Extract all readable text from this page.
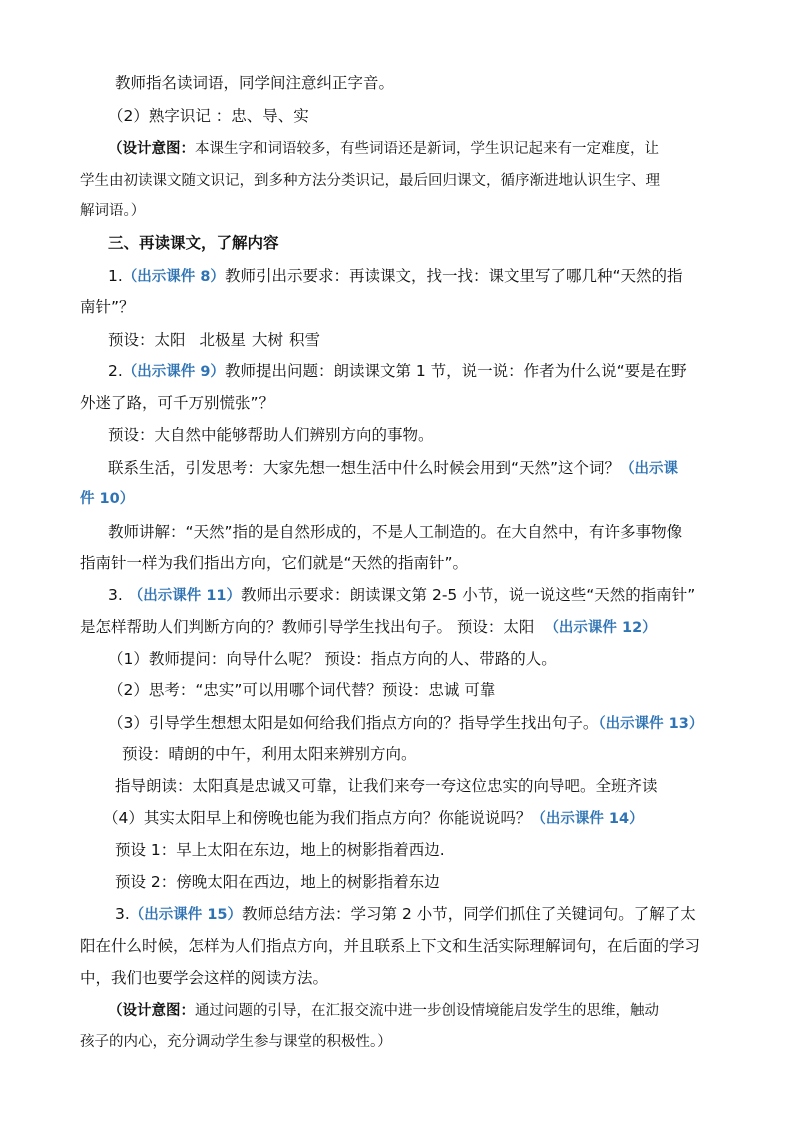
教师指名读词语，同学间注意纠正字音。
（2）熟字识记 ：忠、导、实
（设计意图：本课生字和词语较多，有些词语还是新词，学生识记起来有一定难度，让
学生由初读课文随文识记，到多种方法分类识记，最后回归课文，循序渐进地认识生字、理
解词语。）
三、再读课文，了解内容
1.（出示课件 8）教师引出示要求：再读课文，找一找：课文里写了哪几种“天然的指
南针”？
预设：太阳 北极星 大树 积雪
2.（出示课件 9）教师提出问题：朗读课文第 1 节，说一说：作者为什么说“要是在野
外迷了路，可千万别慌张”？
预设：大自然中能够帮助人们辨别方向的事物。
联系生活，引发思考：大家先想一想生活中什么时候会用到“天然”这个词？（出示课
件 10）
教师讲解：“天然”指的是自然形成的，不是人工制造的。在大自然中，有许多事物像
指南针一样为我们指出方向，它们就是“天然的指南针”。
3. （出示课件 11）教师出示要求：朗读课文第 2-5 小节，说一说这些“天然的指南针”
是怎样帮助人们判断方向的？教师引导学生找出句子。 预设：太阳 （出示课件 12）
（1）教师提问：向导什么呢？ 预设：指点方向的人、带路的人。
（2）思考：“忠实”可以用哪个词代替？预设：忠诚 可靠
（3）引导学生想想太阳是如何给我们指点方向的？指导学生找出句子。（出示课件 13）
预设：晴朗的中午，利用太阳来辨别方向。
指导朗读：太阳真是忠诚又可靠，让我们来夸一夸这位忠实的向导吧。全班齐读
（4）其实太阳早上和傍晚也能为我们指点方向？你能说说吗？（出示课件 14）
预设 1：早上太阳在东边，地上的树影指着西边.
预设 2：傍晚太阳在西边，地上的树影指着东边
3.（出示课件 15）教师总结方法：学习第 2 小节，同学们抓住了关键词句。了解了太
阳在什么时候，怎样为人们指点方向，并且联系上下文和生活实际理解词句，在后面的学习
中，我们也要学会这样的阅读方法。
（设计意图：通过问题的引导，在汇报交流中进一步创设情境能启发学生的思维，触动
孩子的内心，充分调动学生参与课堂的积极性。）
